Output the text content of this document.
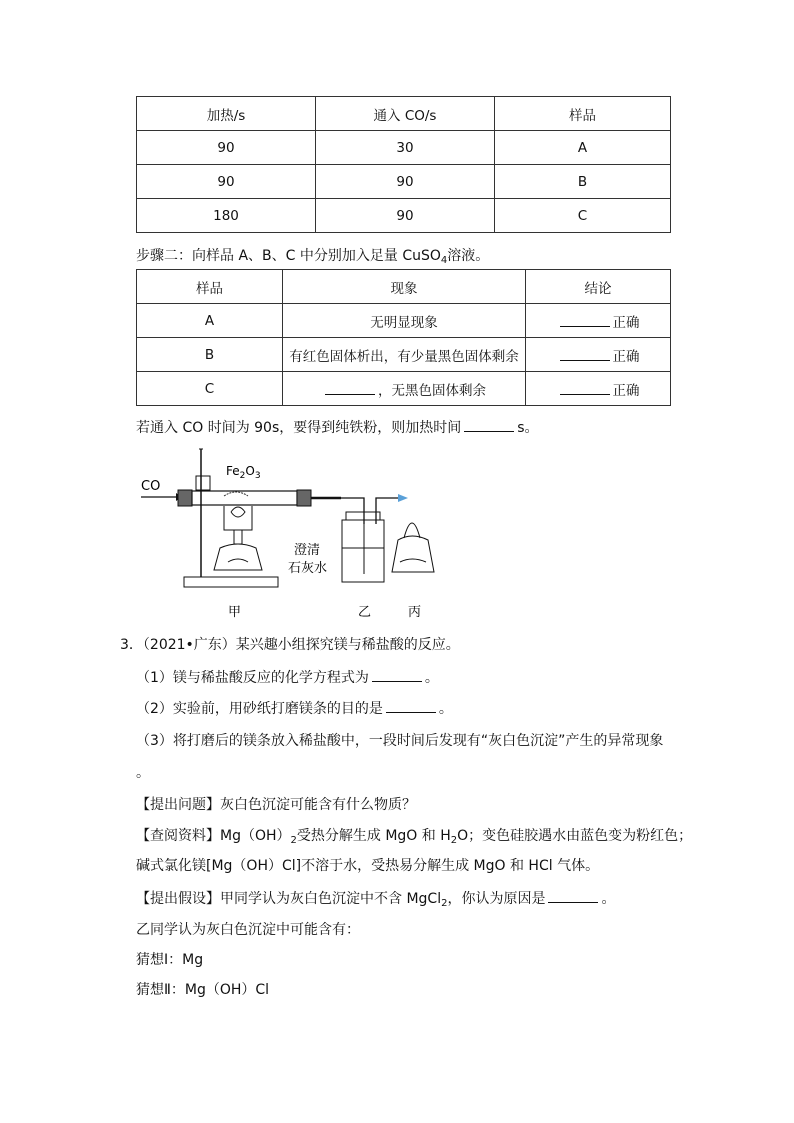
加热/s	通入 CO/s	样品
90	30	A
90	90	B
180	90	C
步骤二：向样品 A、B、C 中分别加入足量 CuSO$_4$溶液。
样品	现象	结论
A	无明显现象	正确
B	有红色固体析出，有少量黑色固体剩余	正确
C	，无黑色固体剩余	正确
若通入 CO 时间为 90s，要得到纯铁粉，则加热时间	s。
CO
$Fe_2O_3$
澄清
石灰水
甲	乙	丙
3．（2021•广东）某兴趣小组探究镁与稀盐酸的反应。
（1）镁与稀盐酸反应的化学方程式为	。
（2）实验前，用砂纸打磨镁条的目的是	。
（3）将打磨后的镁条放入稀盐酸中，一段时间后发现有“灰白色沉淀”产生的异常现象
。
【提出问题】灰白色沉淀可能含有什么物质？
【查阅资料】$Mg(OH)_2$受热分解生成 MgO 和 $H_2O$；变色硅胶遇水由蓝色变为粉红色；
碱式氯化镁[Mg（OH）Cl]不溶于水，受热易分解生成 MgO 和 HCl 气体。
【提出假设】甲同学认为灰白色沉淀中不含 MgCl$_2$，你认为原因是	。
乙同学认为灰白色沉淀中可能含有：
猜想Ⅰ：Mg
猜想Ⅱ：Mg（OH）Cl
